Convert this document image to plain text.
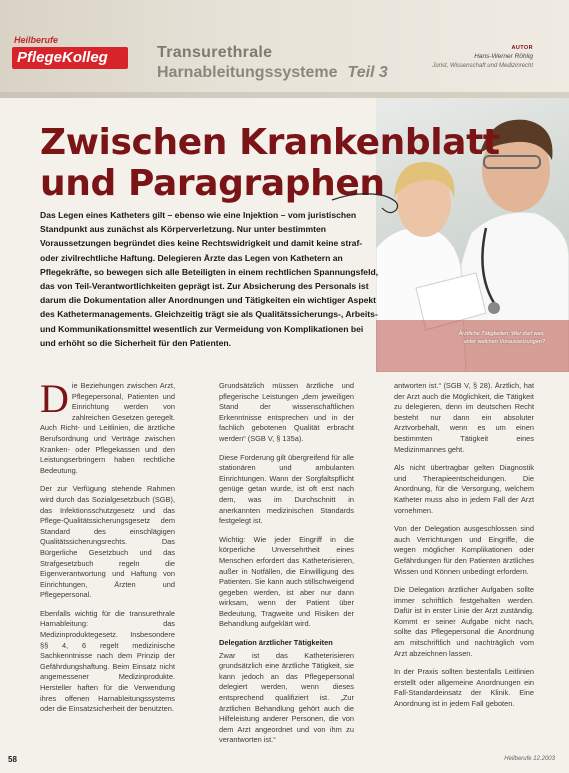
Heilberufe
PflegeKolleg	Transurethrale
Harnableitungssysteme Teil 3
AUTOR
Hans-Werner Röhlig
Jurist, Wissenschaft und Medizinrecht
Ärztliche Tätigkeiten: Wer darf was, unter welchen Voraussetzungen?
Zwischen Krankenblatt
und Paragraphen
Das Legen eines Katheters gilt – ebenso wie eine Injektion – vom juristischen Standpunkt aus zunächst als Körperverletzung. Nur unter bestimmten Voraussetzungen begründet dies keine Rechtswidrigkeit und damit keine straf- oder zivilrechtliche Haftung. Delegieren Ärzte das Legen von Kathetern an Pflegekräfte, so bewegen sich alle Beteiligten in einem rechtlichen Spannungsfeld, das von Teil-Verantwortlichkeiten geprägt ist. Zur Absicherung des Personals ist darum die Dokumentation aller Anordnungen und Tätigkeiten ein wichtiger Aspekt des Kathetermanagements. Gleichzeitig trägt sie als Qualitätssicherungs-, Arbeits- und Kommunikationsmittel wesentlich zur Vermeidung von Komplikationen bei und erhöht so die Sicherheit für den Patienten.

Die Beziehungen zwischen Arzt, Pflegepersonal, Patienten und Einrichtung werden von zahlreichen Gesetzen geregelt. Auch Richt- und Leitlinien, die ärztliche Berufsordnung und Verträge zwischen Kranken- oder Pflegekassen und den Leistungserbringern haben rechtliche Bedeutung.

Der zur Verfügung stehende Rahmen wird durch das Sozialgesetzbuch (SGB), das Infektionsschutzgesetz und das Pflege-Qualitätssicherungsgesetz dem Standard des einschlägigen Qualitätssicherungsrechts. Das Bürgerliche Gesetzbuch und das Strafgesetzbuch regeln die Eigenverantwortung und Haftung von Einrichtungen, Ärzten und Pflegepersonal.

Ebenfalls wichtig für die transurethrale Harnableitung: das Medizinproduktegesetz. Insbesondere §§ 4, 6 regelt medizinische Sachkenntnisse nach dem Prinzip der Gefährdungshaftung. Beim Einsatz nicht angemessener Medizinprodukte. Hersteller haften für die Verwendung ihres offenen Harnableitungssystems oder die Einsatzsicherheit der benutzten.

Grundsätzlich müssen ärztliche und pflegerische Leistungen „dem jeweiligen Stand der wissenschaftlichen Erkenntnisse entsprechen und in der fachlich gebotenen Qualität erbracht werden“ (SGB V, § 135a).

Diese Forderung gilt übergreifend für alle stationären und ambulanten Einrichtungen. Wann der Sorgfaltspflicht genüge getan wurde, ist oft erst nach dem, was im Durchschnitt in anerkannten medizinischen Standards festgelegt ist.

Wichtig: Wie jeder Eingriff in die körperliche Unversehrtheit eines Menschen erfordert das Katheterisieren, außer in Notfällen, die Einwilligung des Patienten. Sie kann auch stillschweigend gegeben werden, ist aber nur dann wirksam, wenn der Patient über Bedeutung, Tragweite und Risiken der Behandlung aufgeklärt wird.

Delegation ärztlicher Tätigkeiten

Zwar ist das Katheterisieren grundsätzlich eine ärztliche Tätigkeit, sie kann jedoch an das Pflegepersonal delegiert werden, wenn dieses entsprechend qualifiziert ist. „Zur ärztlichen Behandlung gehört auch die Hilfeleistung anderer Personen, die von dem Arzt angeordnet und von ihm zu verantworten ist.“

antworten ist.“ (SGB V, § 28). Ärztlich, hat der Arzt auch die Möglichkeit, die Tätigkeit zu delegieren, denn im deutschen Recht besteht nur dann ein absoluter Arztvorbehalt, wenn es um einen bestimmten Tätigkeit eines Medizinmannes geht.

Als nicht übertragbar gelten Diagnostik und Therapieentscheidungen. Die Anordnung, für die Versorgung, welchem Katheter muss also in jedem Fall der Arzt vornehmen.

Von der Delegation ausgeschlossen sind auch Verrichtungen und Eingriffe, die wegen möglicher Komplikationen oder Gefährdungen für den Patienten ärztliches Wissen und Können unbedingt erfordern.

Die Delegation ärztlicher Aufgaben sollte immer schriftlich festgehalten werden. Dafür ist in erster Linie der Arzt zuständig. Kommt er seiner Aufgabe nicht nach, sollte das Pflegepersonal die Anordnung am mitschriftlich und nachträglich vom Arzt abzeichnen lassen.

In der Praxis sollten bestenfalls Leitlinien erstellt oder allgemeine Anordnungen ein Fall-Standardeinsatz der Klinik. Eine Anordnung ist in jedem Fall geboten.

58	Heilberufe 12.2003
